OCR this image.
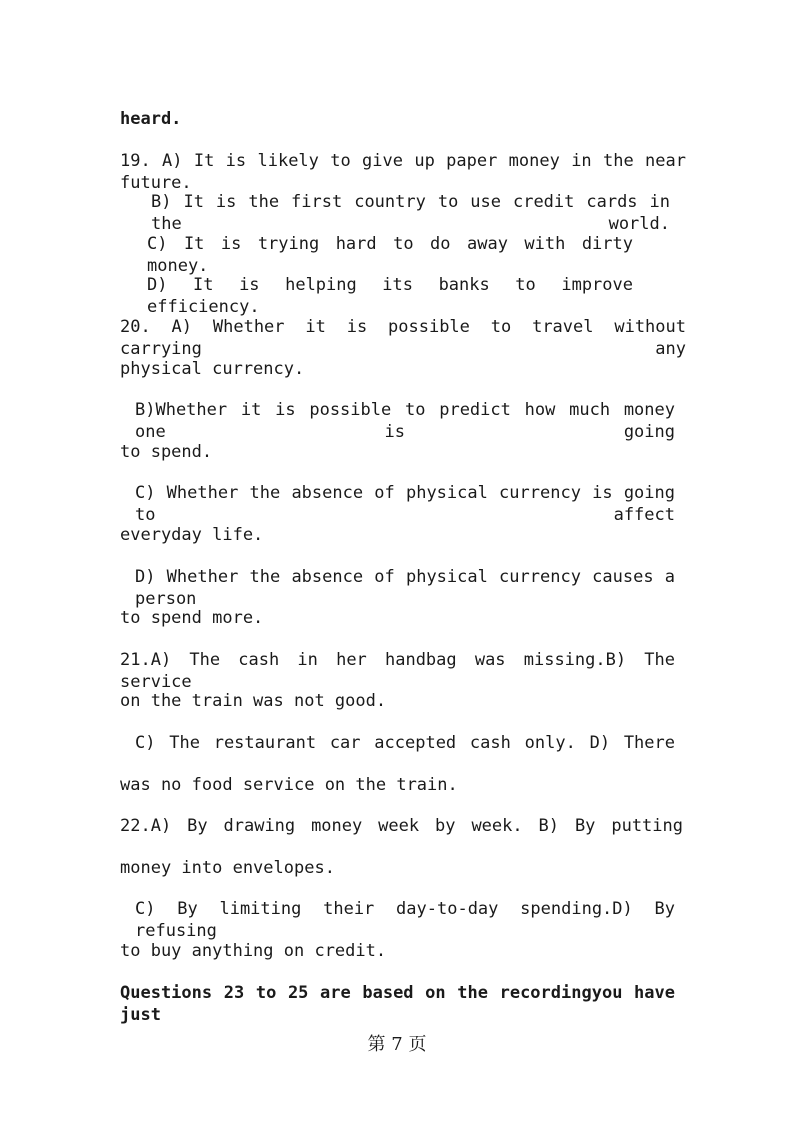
heard.
19. A) It is likely to give up paper money in the near future.
B) It is the first country to use credit cards in the world.
C) It is trying hard to do away with dirty money.
D) It is helping its banks to improve efficiency.
20. A) Whether it is possible to travel without carrying any
physical currency.
B)Whether it is possible to predict how much money one is going
to spend.
C) Whether the absence of physical currency is going to affect
everyday life.
D) Whether the absence of physical currency causes a person
to spend more.
21.A) The cash in her handbag was missing.B) The service
on the train was not good.
C) The restaurant car accepted cash only. D) There
was no food service on the train.
22.A) By drawing money week by week. B) By putting
money into envelopes.
C) By limiting their day-to-day spending.D) By refusing
to buy anything on credit.
Questions 23 to 25 are based on the recordingyou have just
第 7 页
